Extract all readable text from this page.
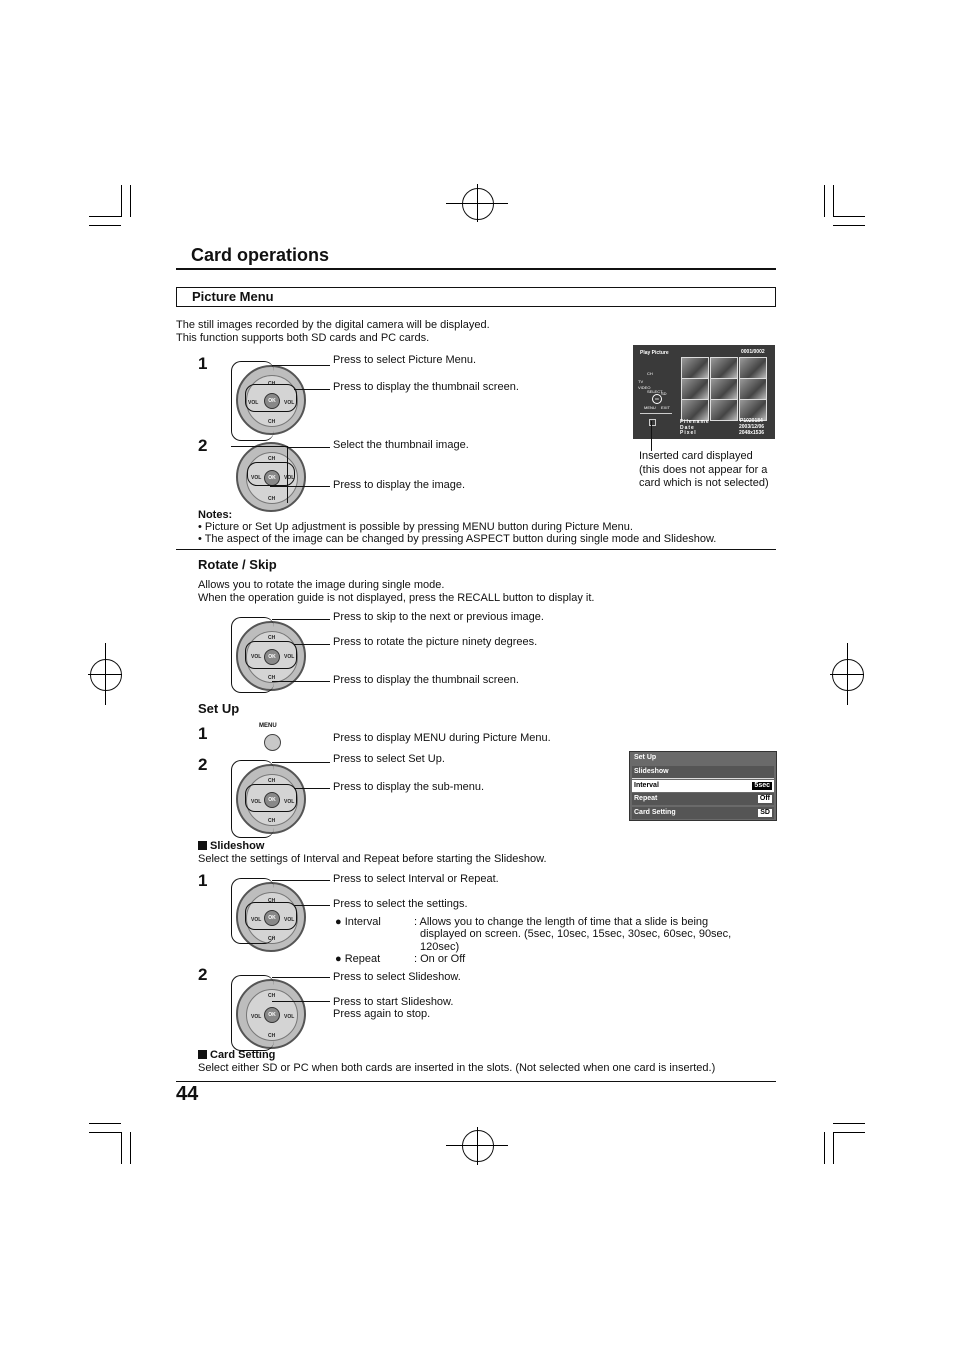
Card operations
Picture Menu
The still images recorded by the digital camera will be displayed.
This function supports both SD cards and PC cards.
1
OK
CH
CH
VOL	VOL
Press to select Picture Menu.
Press to display the thumbnail screen.
2
OK
CH
CH
VOL	VOL
Select the thumbnail image.
Press to display the image.
Play Picture	0001/0002
CH
TV
VIDEO
SELECT
OK
SD
MENU EXIT
Filename
Date
Pixel
P1020184
2003/12/06
2048x1536
Inserted card displayed
(this does not appear for a
card which is not selected)
Notes:
• Picture or Set Up adjustment is possible by pressing MENU button during Picture Menu.
• The aspect of the image can be changed by pressing ASPECT button during single mode and Slideshow.
Rotate / Skip
Allows you to rotate the image during single mode.
When the operation guide is not displayed, press the RECALL button to display it.
OK
CH
CH
VOL	VOL
Press to skip to the next or previous image.
Press to rotate the picture ninety degrees.
Press to display the thumbnail screen.
Set Up
1	MENU
Press to display MENU during Picture Menu.
2
OK
CH
CH
VOL	VOL
Press to select Set Up.
Press to display the sub-menu.
Set Up
Slideshow
Interval	5sec
Repeat	Off
Card Setting	SD
Slideshow
Select the settings of Interval and Repeat before starting the Slideshow.
1
OK
CH
CH
VOL	VOL
Press to select Interval or Repeat.
Press to select the settings.
● Interval	: Allows you to change the length of time that a slide is being
displayed on screen. (5sec, 10sec, 15sec, 30sec, 60sec, 90sec,
120sec)
● Repeat	: On or Off
2
OK
CH
CH
VOL	VOL
Press to select Slideshow.
Press to start Slideshow.
Press again to stop.
Card Setting
Select either SD or PC when both cards are inserted in the slots. (Not selected when one card is inserted.)
44
